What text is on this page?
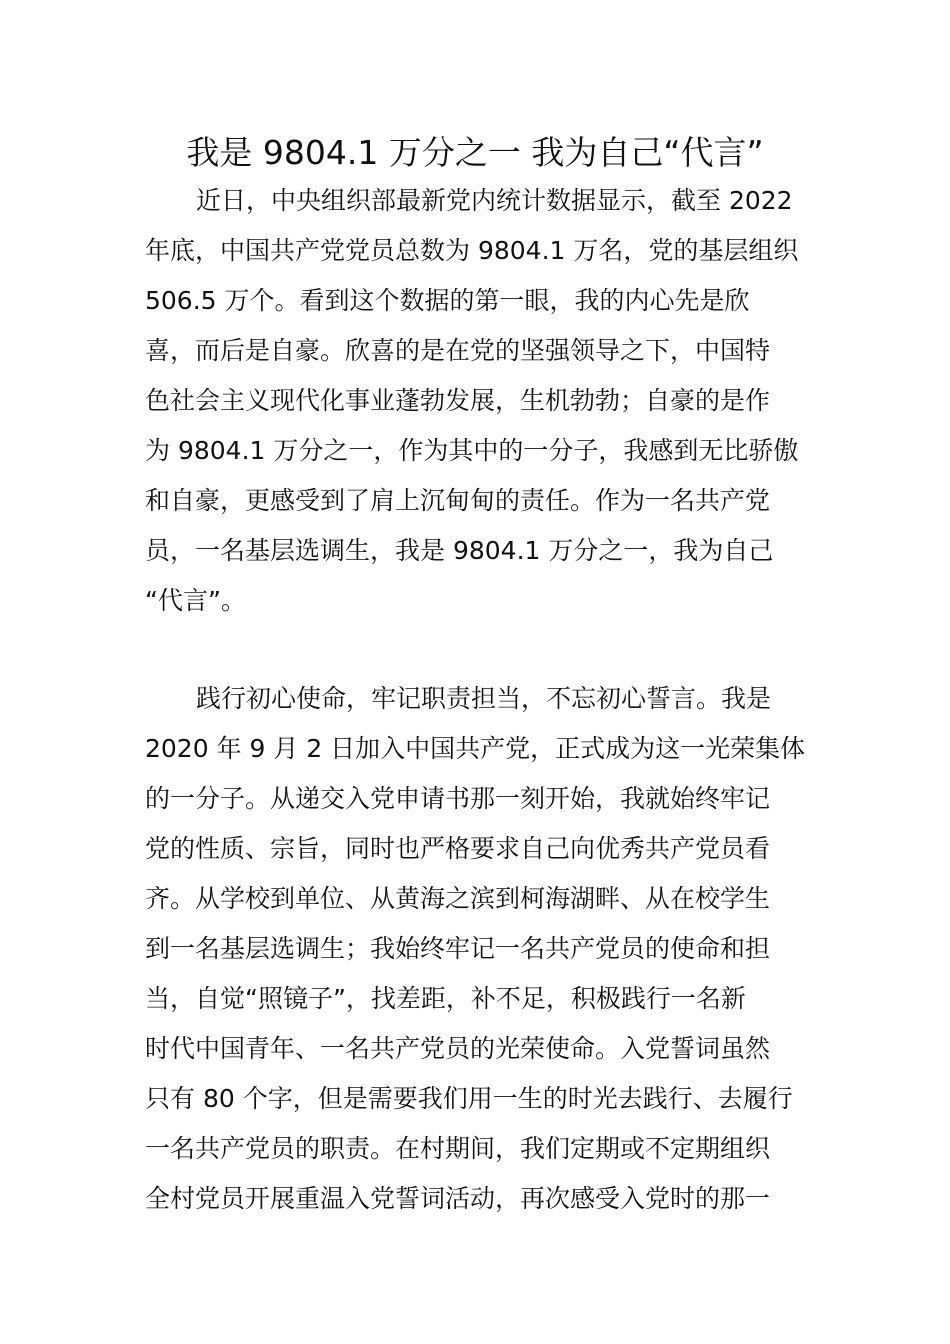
我是 9804.1 万分之一 我为自己“代言”
近日，中央组织部最新党内统计数据显示，截至 2022
年底，中国共产党党员总数为 9804.1 万名，党的基层组织
506.5 万个。看到这个数据的第一眼，我的内心先是欣
喜，而后是自豪。欣喜的是在党的坚强领导之下，中国特
色社会主义现代化事业蓬勃发展，生机勃勃；自豪的是作
为 9804.1 万分之一，作为其中的一分子，我感到无比骄傲
和自豪，更感受到了肩上沉甸甸的责任。作为一名共产党
员，一名基层选调生，我是 9804.1 万分之一，我为自己
“代言”。
践行初心使命，牢记职责担当，不忘初心誓言。我是
2020 年 9 月 2 日加入中国共产党，正式成为这一光荣集体
的一分子。从递交入党申请书那一刻开始，我就始终牢记
党的性质、宗旨，同时也严格要求自己向优秀共产党员看
齐。从学校到单位、从黄海之滨到柯海湖畔、从在校学生
到一名基层选调生；我始终牢记一名共产党员的使命和担
当，自觉“照镜子”，找差距，补不足，积极践行一名新
时代中国青年、一名共产党员的光荣使命。入党誓词虽然
只有 80 个字，但是需要我们用一生的时光去践行、去履行
一名共产党员的职责。在村期间，我们定期或不定期组织
全村党员开展重温入党誓词活动，再次感受入党时的那一
